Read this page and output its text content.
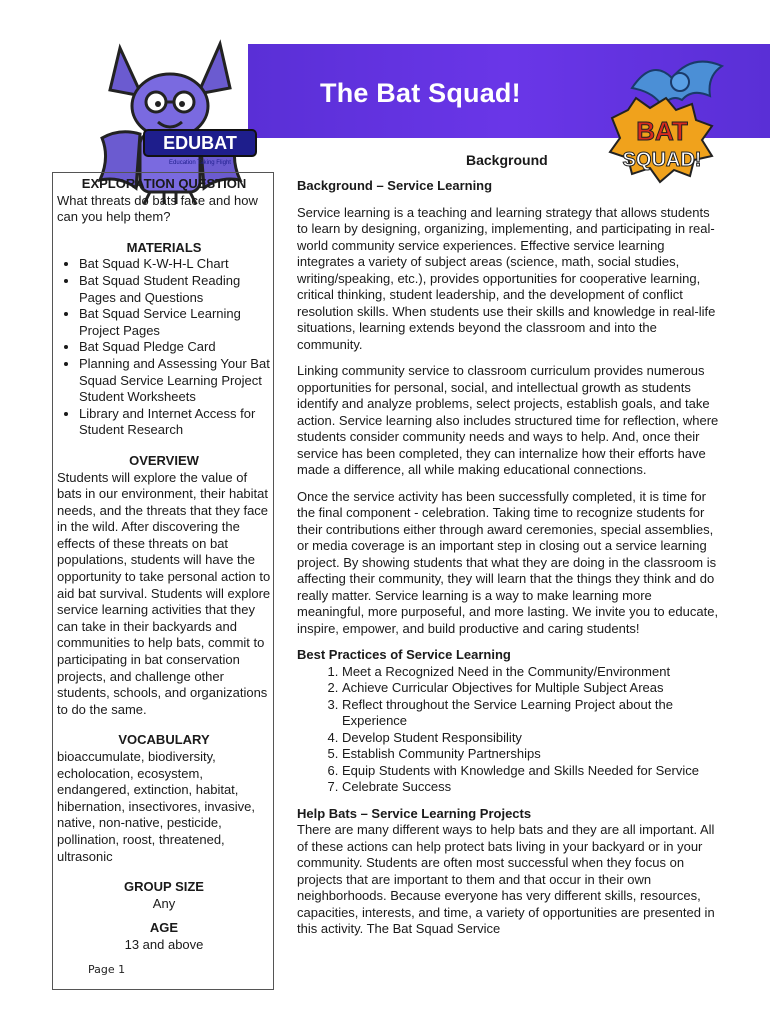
The Bat Squad!
EDUBAT
Education Taking Flight
BAT
SQUAD!
Background
EXPLORATION QUESTION
What threats do bats face and how can you help them?
MATERIALS
• Bat Squad K-W-H-L Chart
• Bat Squad Student Reading Pages and Questions
• Bat Squad Service Learning Project Pages
• Bat Squad Pledge Card
• Planning and Assessing Your Bat Squad Service Learning Project Student Worksheets
• Library and Internet Access for Student Research
OVERVIEW
Students will explore the value of bats in our environment, their habitat needs, and the threats that they face in the wild. After discovering the effects of these threats on bat populations, students will have the opportunity to take personal action to aid bat survival. Students will explore service learning activities that they can take in their backyards and communities to help bats, commit to participating in bat conservation projects, and challenge other students, schools, and organizations to do the same.
VOCABULARY
bioaccumulate, biodiversity, echolocation, ecosystem, endangered, extinction, habitat, hibernation, insectivores, invasive, native, non-native, pesticide, pollination, roost, threatened, ultrasonic
GROUP SIZE
Any
AGE
13 and above
Page 1

Background – Service Learning

Service learning is a teaching and learning strategy that allows students to learn by designing, organizing, implementing, and participating in real-world community service experiences. Effective service learning integrates a variety of subject areas (science, math, social studies, writing/speaking, etc.), provides opportunities for cooperative learning, critical thinking, student leadership, and the development of conflict resolution skills. When students use their skills and knowledge in real-life situations, learning extends beyond the classroom and into the community.

Linking community service to classroom curriculum provides numerous opportunities for personal, social, and intellectual growth as students identify and analyze problems, select projects, establish goals, and take action. Service learning also includes structured time for reflection, where students consider community needs and ways to help. And, once their service has been completed, they can internalize how their efforts have made a difference, all while making educational connections.

Once the service activity has been successfully completed, it is time for the final component - celebration. Taking time to recognize students for their contributions either through award ceremonies, special assemblies, or media coverage is an important step in closing out a service learning project. By showing students that what they are doing in the classroom is affecting their community, they will learn that the things they think and do really matter. Service learning is a way to make learning more meaningful, more purposeful, and more lasting. We invite you to educate, inspire, empower, and build productive and caring students!

Best Practices of Service Learning

1. Meet a Recognized Need in the Community/Environment
2. Achieve Curricular Objectives for Multiple Subject Areas
3. Reflect throughout the Service Learning Project about the Experience
4. Develop Student Responsibility
5. Establish Community Partnerships
6. Equip Students with Knowledge and Skills Needed for Service
7. Celebrate Success

Help Bats – Service Learning Projects

There are many different ways to help bats and they are all important. All of these actions can help protect bats living in your backyard or in your community. Students are often most successful when they focus on projects that are important to them and that occur in their own neighborhoods. Because everyone has very different skills, resources, capacities, interests, and time, a variety of opportunities are presented in this activity. The Bat Squad Service
